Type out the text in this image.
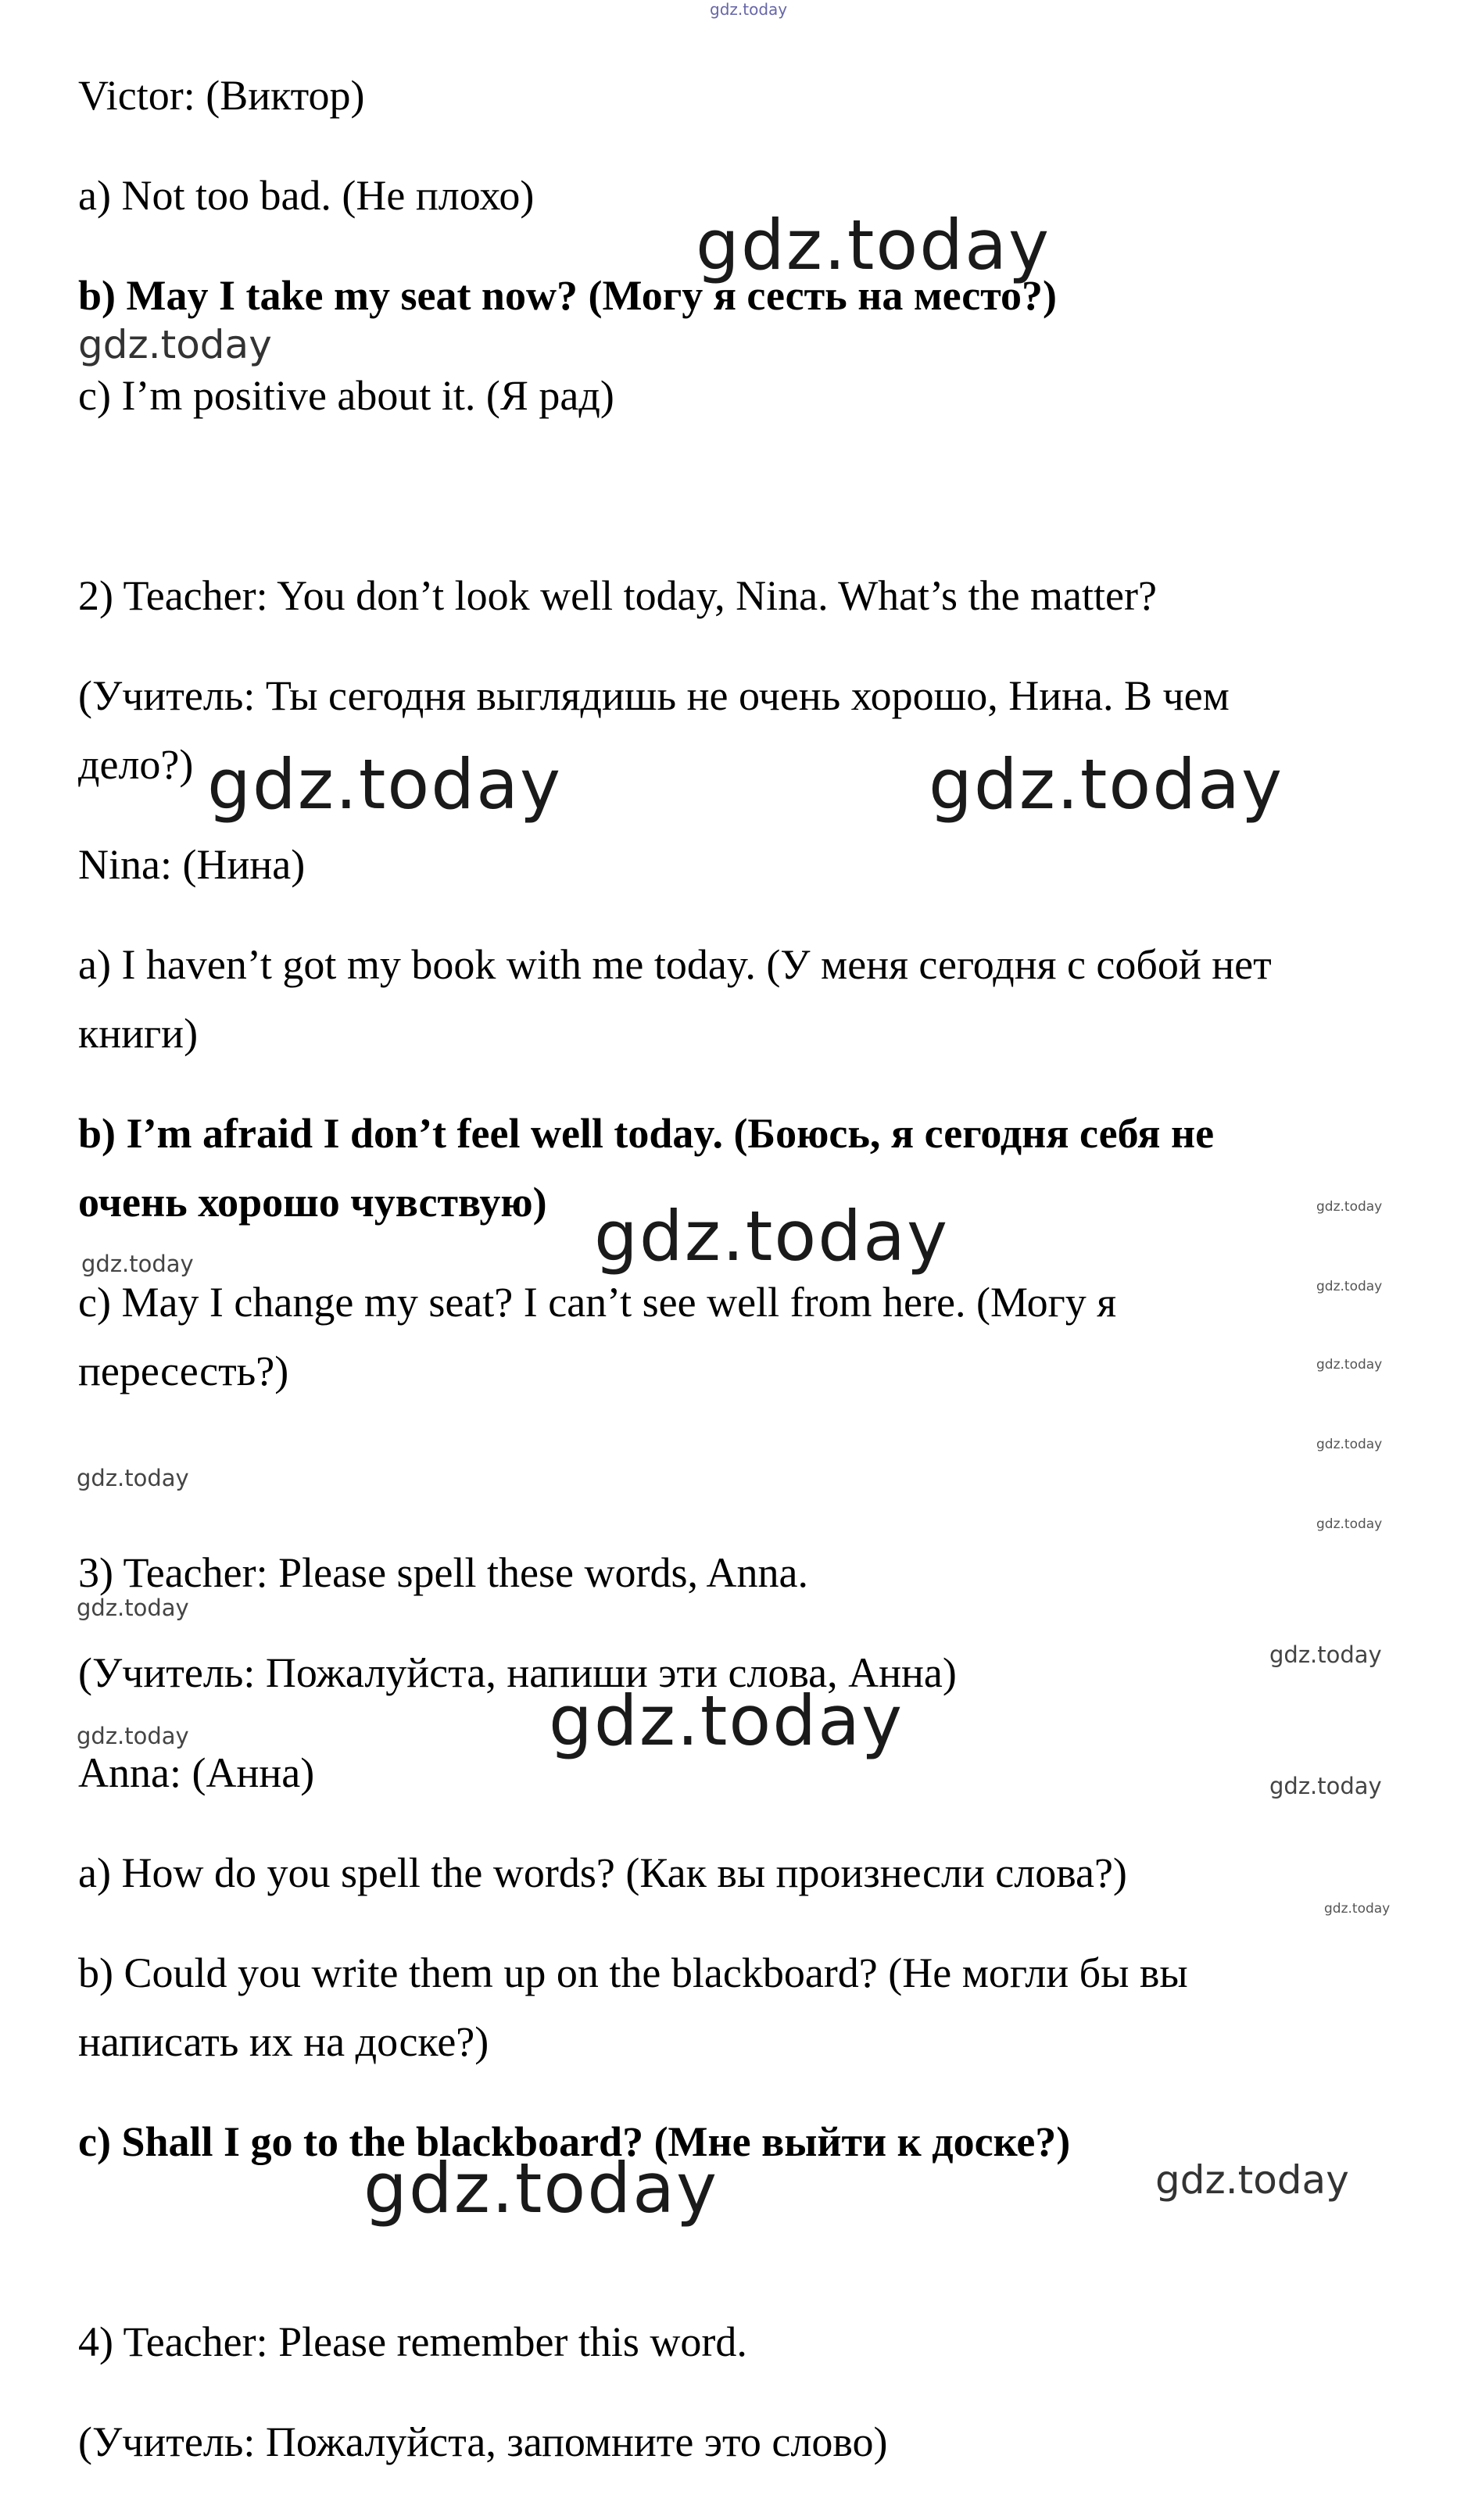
gdz.today
gdz.today
gdz.today
gdz.today	gdz.today
gdz.today
gdz.today
gdz.today
gdz.today
gdz.today
gdz.today
gdz.today
gdz.today
gdz.today
gdz.today
gdz.today	gdz.today
gdz.today
gdz.today
gdz.today	gdz.today
Victor: (Виктор)
a) Not too bad. (Не плохо)
b) May I take my seat now? (Могу я сесть на место?)
c) I’m positive about it. (Я рад)
2) Teacher: You don’t look well today, Nina. What’s the matter?
(Учитель: Ты сегодня выглядишь не очень хорошо, Нина. В чем
дело?)
Nina: (Нина)
a) I haven’t got my book with me today. (У меня сегодня с собой нет
книги)
b) I’m afraid I don’t feel well today. (Боюсь, я сегодня себя не
очень хорошо чувствую)
c) May I change my seat? I can’t see well from here. (Могу я
пересесть?)
3) Teacher: Please spell these words, Anna.
(Учитель: Пожалуйста, напиши эти слова, Анна)
Anna: (Анна)
a) How do you spell the words? (Как вы произнесли слова?)
b) Could you write them up on the blackboard? (Не могли бы вы
написать их на доске?)
c) Shall I go to the blackboard? (Мне выйти к доске?)
4) Teacher: Please remember this word.
(Учитель: Пожалуйста, запомните это слово)
